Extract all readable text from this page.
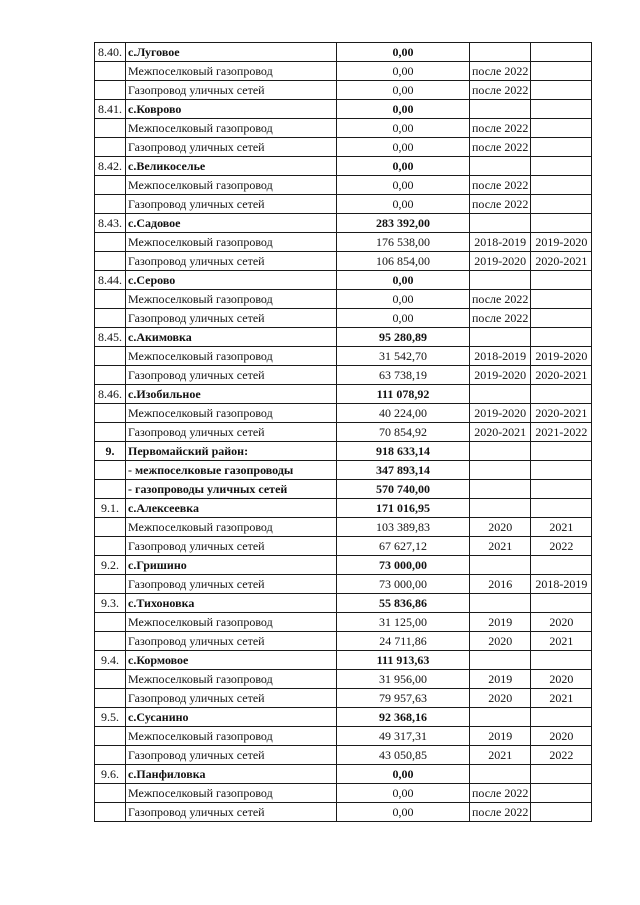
8.40.	с.Луговое	0,00		
	Межпоселковый газопровод	0,00	после 2022	
	Газопровод уличных сетей	0,00	после 2022	
8.41.	с.Коврово	0,00		
	Межпоселковый газопровод	0,00	после 2022	
	Газопровод уличных сетей	0,00	после 2022	
8.42.	с.Великоселье	0,00		
	Межпоселковый газопровод	0,00	после 2022	
	Газопровод уличных сетей	0,00	после 2022	
8.43.	с.Садовое	283 392,00		
	Межпоселковый газопровод	176 538,00	2018-2019	2019-2020
	Газопровод уличных сетей	106 854,00	2019-2020	2020-2021
8.44.	с.Серово	0,00		
	Межпоселковый газопровод	0,00	после 2022	
	Газопровод уличных сетей	0,00	после 2022	
8.45.	с.Акимовка	95 280,89		
	Межпоселковый газопровод	31 542,70	2018-2019	2019-2020
	Газопровод уличных сетей	63 738,19	2019-2020	2020-2021
8.46.	с.Изобильное	111 078,92		
	Межпоселковый газопровод	40 224,00	2019-2020	2020-2021
	Газопровод уличных сетей	70 854,92	2020-2021	2021-2022
9.	Первомайский район:	918 633,14		
	- межпоселковые газопроводы	347 893,14		
	- газопроводы уличных сетей	570 740,00		
9.1.	с.Алексеевка	171 016,95		
	Межпоселковый газопровод	103 389,83	2020	2021
	Газопровод уличных сетей	67 627,12	2021	2022
9.2.	с.Гришино	73 000,00		
	Газопровод уличных сетей	73 000,00	2016	2018-2019
9.3.	с.Тихоновка	55 836,86		
	Межпоселковый газопровод	31 125,00	2019	2020
	Газопровод уличных сетей	24 711,86	2020	2021
9.4.	с.Кормовое	111 913,63		
	Межпоселковый газопровод	31 956,00	2019	2020
	Газопровод уличных сетей	79 957,63	2020	2021
9.5.	с.Сусанино	92 368,16		
	Межпоселковый газопровод	49 317,31	2019	2020
	Газопровод уличных сетей	43 050,85	2021	2022
9.6.	с.Панфиловка	0,00		
	Межпоселковый газопровод	0,00	после 2022	
	Газопровод уличных сетей	0,00	после 2022	
